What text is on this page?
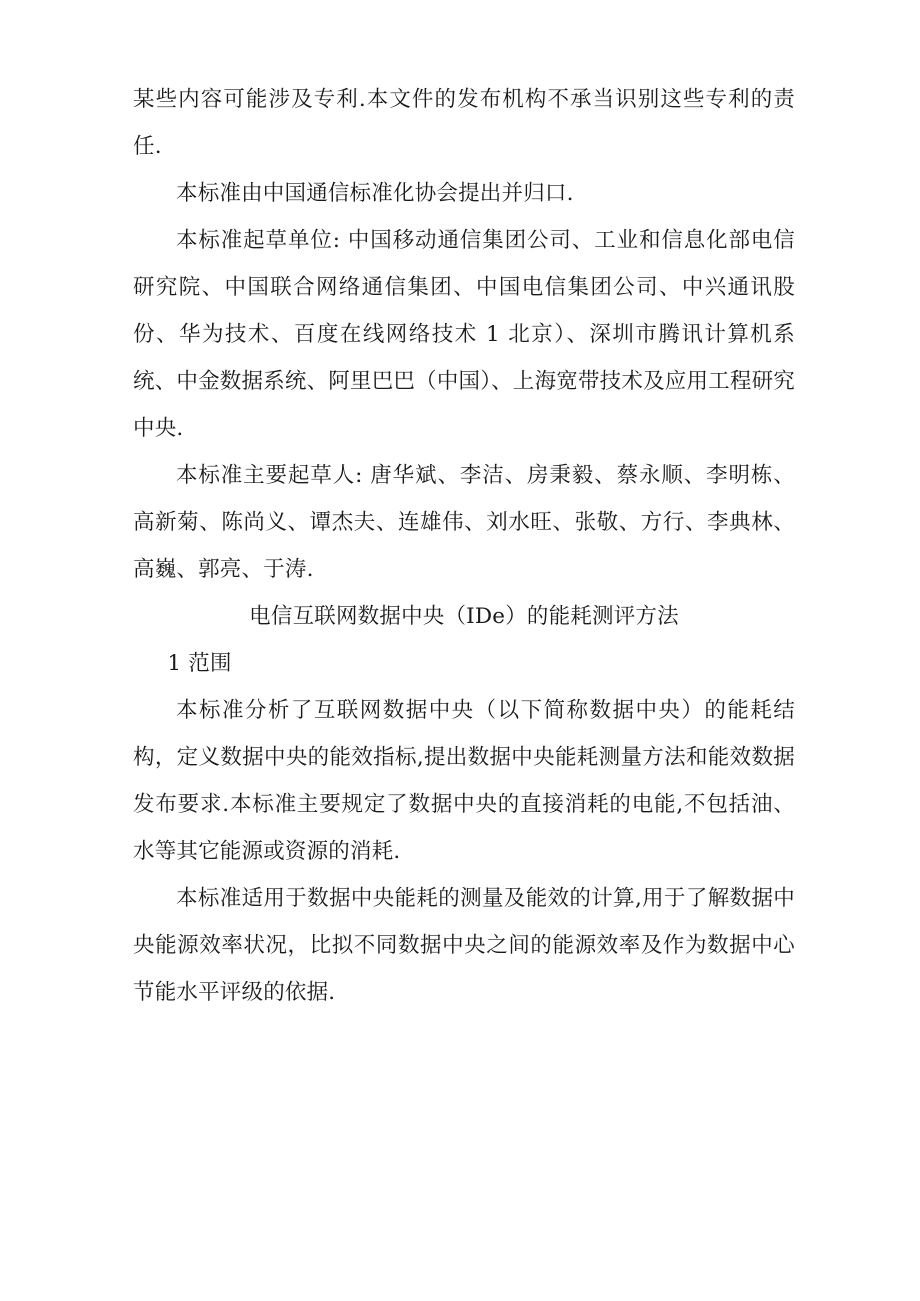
某些内容可能涉及专利.本文件的发布机构不承当识别这些专利的责任.

本标准由中国通信标准化协会提出并归口.

本标准起草单位: 中国移动通信集团公司、工业和信息化部电信研究院、中国联合网络通信集团、中国电信集团公司、中兴通讯股份、华为技术、百度在线网络技术 1 北京）、深圳市腾讯计算机系统、中金数据系统、阿里巴巴（中国）、上海宽带技术及应用工程研究中央.

本标准主要起草人: 唐华斌、李洁、房秉毅、蔡永顺、李明栋、高新菊、陈尚义、谭杰夫、连雄伟、刘水旺、张敬、方行、李典林、高巍、郭亮、于涛.

电信互联网数据中央（IDe）的能耗测评方法

1 范围

本标准分析了互联网数据中央（以下简称数据中央）的能耗结构，定义数据中央的能效指标,提出数据中央能耗测量方法和能效数据发布要求.本标准主要规定了数据中央的直接消耗的电能,不包括油、水等其它能源或资源的消耗.

本标准适用于数据中央能耗的测量及能效的计算,用于了解数据中央能源效率状况，比拟不同数据中央之间的能源效率及作为数据中心节能水平评级的依据.
